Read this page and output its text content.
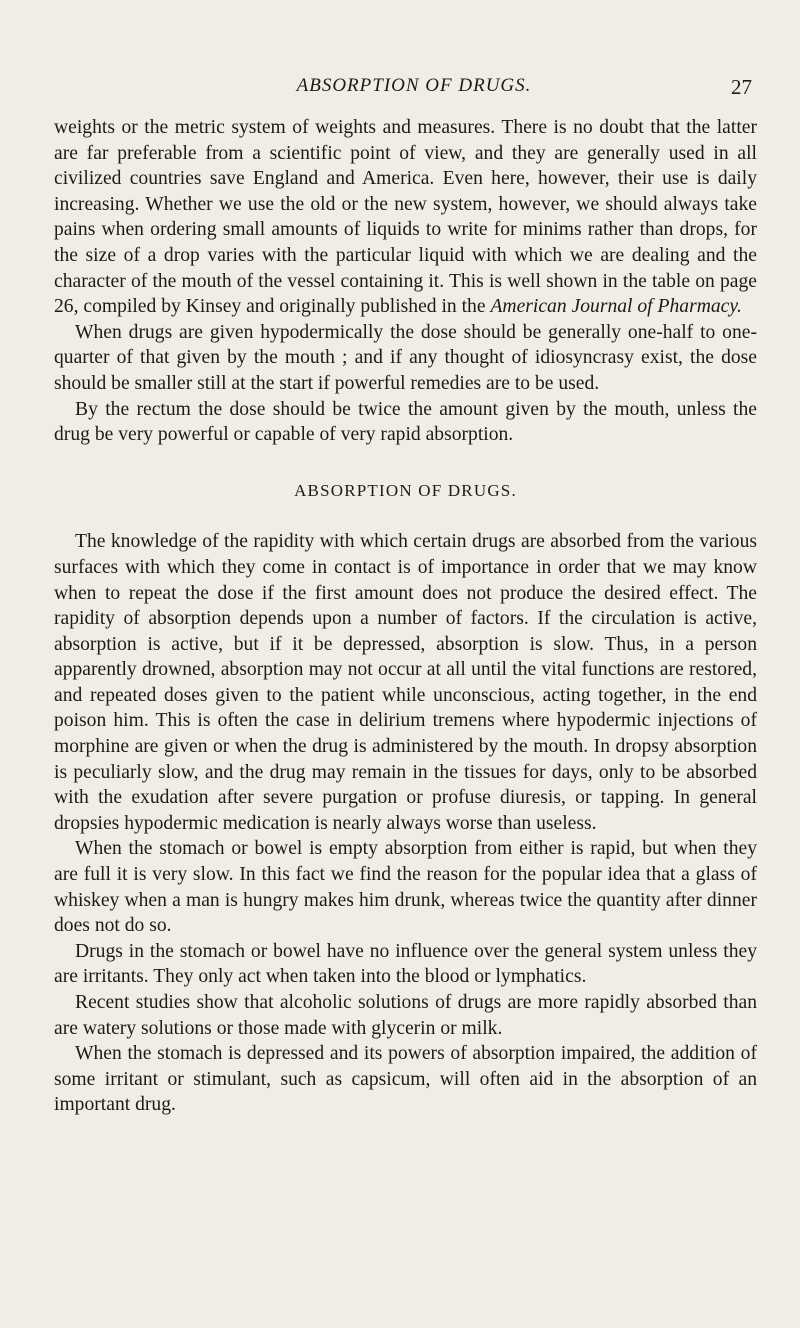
ABSORPTION OF DRUGS.	27

weights or the metric system of weights and measures. There is no doubt that the latter are far preferable from a scientific point of view, and they are generally used in all civilized countries save England and America. Even here, however, their use is daily increasing. Whether we use the old or the new system, however, we should always take pains when ordering small amounts of liquids to write for minims rather than drops, for the size of a drop varies with the particular liquid with which we are dealing and the character of the mouth of the vessel containing it. This is well shown in the table on page 26, compiled by Kinsey and originally published in the American Journal of Pharmacy.

When drugs are given hypodermically the dose should be generally one-half to one-quarter of that given by the mouth ; and if any thought of idiosyncrasy exist, the dose should be smaller still at the start if powerful remedies are to be used.

By the rectum the dose should be twice the amount given by the mouth, unless the drug be very powerful or capable of very rapid absorption.

ABSORPTION OF DRUGS.

The knowledge of the rapidity with which certain drugs are absorbed from the various surfaces with which they come in contact is of importance in order that we may know when to repeat the dose if the first amount does not produce the desired effect. The rapidity of absorption depends upon a number of factors. If the circulation is active, absorption is active, but if it be depressed, absorption is slow. Thus, in a person apparently drowned, absorption may not occur at all until the vital functions are restored, and repeated doses given to the patient while unconscious, acting together, in the end poison him. This is often the case in delirium tremens where hypodermic injections of morphine are given or when the drug is administered by the mouth. In dropsy absorption is peculiarly slow, and the drug may remain in the tissues for days, only to be absorbed with the exudation after severe purgation or profuse diuresis, or tapping. In general dropsies hypodermic medication is nearly always worse than useless.

When the stomach or bowel is empty absorption from either is rapid, but when they are full it is very slow. In this fact we find the reason for the popular idea that a glass of whiskey when a man is hungry makes him drunk, whereas twice the quantity after dinner does not do so.

Drugs in the stomach or bowel have no influence over the general system unless they are irritants. They only act when taken into the blood or lymphatics.

Recent studies show that alcoholic solutions of drugs are more rapidly absorbed than are watery solutions or those made with glycerin or milk.

When the stomach is depressed and its powers of absorption impaired, the addition of some irritant or stimulant, such as capsicum, will often aid in the absorption of an important drug.
